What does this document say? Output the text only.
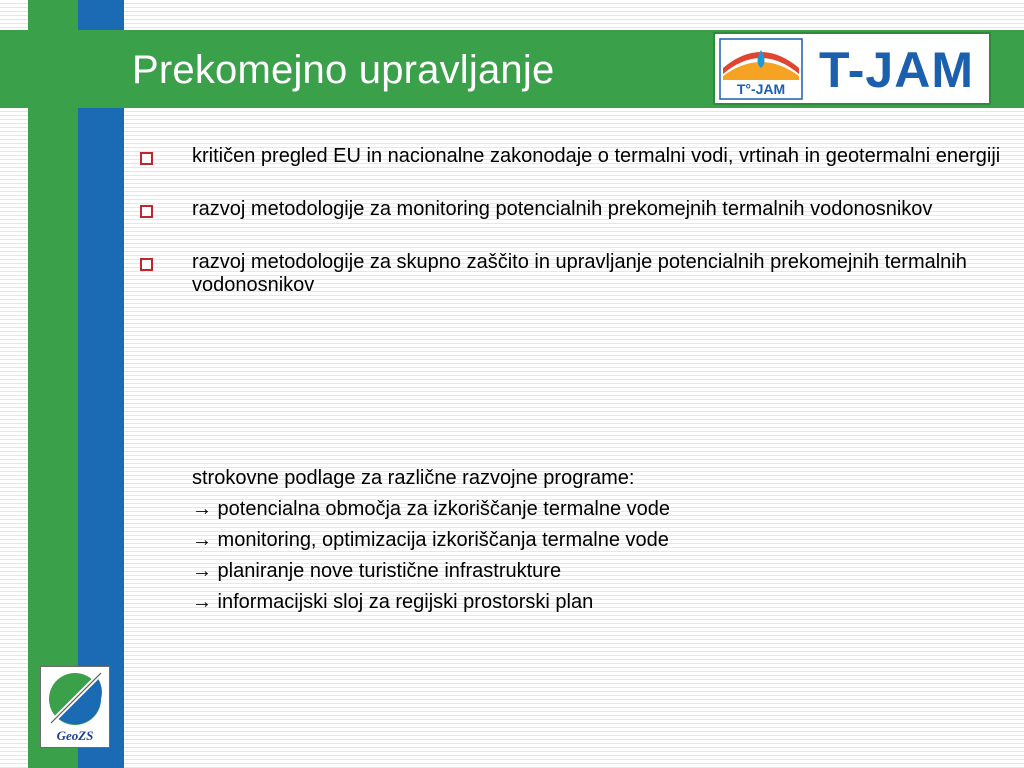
Prekomejno upravljanje	T°-JAM T-JAM
kritičen pregled EU in nacionalne zakonodaje o termalni vodi, vrtinah in geotermalni energiji
razvoj metodologije za monitoring potencialnih prekomejnih termalnih vodonosnikov
razvoj metodologije za skupno zaščito in upravljanje potencialnih prekomejnih termalnih vodonosnikov
strokovne podlage za različne razvojne programe:
→ potencialna območja za izkoriščanje termalne vode
→ monitoring, optimizacija izkoriščanja termalne vode
→ planiranje nove turistične infrastrukture
→ informacijski sloj za regijski prostorski plan
GeoZS
